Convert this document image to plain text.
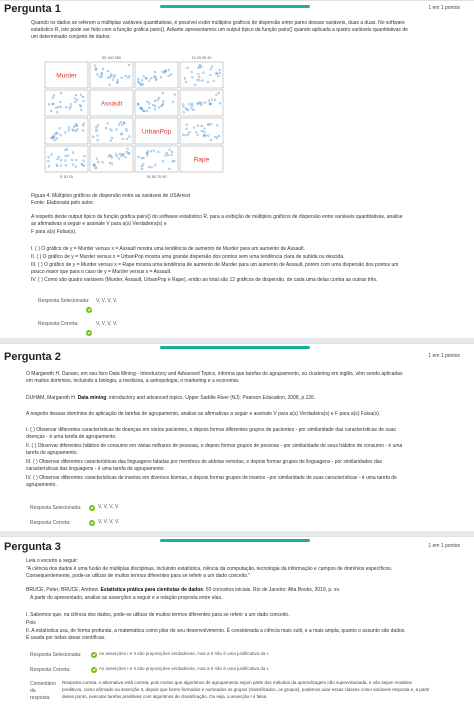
Pergunta 1	1 em 1 pontos
Quando os dados se referem a múltiplas variáveis quantitativas, é possível exibir múltiplos gráficos de dispersão entre pares dessas variáveis, duas a duas. No software
estatístico R, isto pode ser feito com a função gráfica pairs(). Adiante apresentamos um output típico da função pairs() quando aplicada a quatro variáveis quantitativas de
um determinado conjunto de dados:
Murder
Assault
UrbanPop
Rape
50 150 250	10 20 30 40
5 10 15	30 50 70 90
Figura 4: Múltiplos gráficos de dispersão entre as variáveis de USArrest
Fonte: Elaborada pelo autor.
A respeito deste output típico da função gráfica pairs() do software estatístico R, para a exibição de múltiplos gráficos de dispersão entre variáveis quantitativas, analise
as afirmativas a seguir e assinale V para a(s) Verdadeira(s) e
F para a(s) Falsa(s).
I. ( ) O gráfico de y = Murder versus x = Assault mostra uma tendência de aumento de Murder para um aumento de Assault.
II. ( ) O gráfico de y = Murder versus x = UrbanPop mostra uma grande dispersão dos pontos sem uma tendência clara de subida ou descida.
III. ( ) O gráfico de y = Murder versus x = Rape mostra uma tendência de aumento de Murder para um aumento de Assault, porém com uma dispersão dos pontos um
pouco maior que para o caso de y = Murder versus x = Assault.
IV. ( ) Como são quatro variáveis (Murder, Assault, UrbanPop e Rape), então ao total são 12 gráficos de dispersão, de cada uma delas contra as outras três.
Resposta Selecionada: V, V, V, V.
Resposta Correta:	V, V, V, V.
Pergunta 2	1 em 1 pontos
O Margareth H. Dunam, em seu livro Data Mining - Introductory and Advanced Topics, informa que tarefas de agrupamento, ou clustering em inglês, vêm sendo aplicadas
em muitos domínios, incluindo a biologia, a medicina, a antropologia, o marketing e a economia.
DUHAM, Margareth H. Data mining: introductory and advanced topics. Upper Saddle River (NJ): Pearson Education, 2008, p.126.
A respeito dessas domínios de aplicação de tarefas de agrupamento, analise as afirmativas a seguir e assinale V para a(s) Verdadeira(s) e F para a(s) Falsa(s).
I. ( ) Observar diferentes características de doenças em vários pacientes, e depois formar diferentes grupos de pacientes - por similaridade das características de suas
doenças - é uma tarefa de agrupamento.
II. ( ) Observar diferentes hábitos de consumo em várias milhares de pessoas, e depois formar grupos de pessoas - por similaridade de seus hábitos de consumo - é uma
tarefa de agrupamento.
III. ( ) Observar diferentes características das linguagens faladas por membros de aldeias remotas, e depois formar grupos de linguagens - por similaridades das
características das linguagens - é uma tarefa de agrupamento.
IV. ( ) Observar diferentes características de insetos em diversos biomas, e depois formar grupos de insetos - por similaridade de suas características - é uma tarefa de
agrupamento.
Resposta Selecionada:	V, V, V, V.
Resposta Correta:	V, V, V, V.
Pergunta 3	1 em 1 pontos
Leia o excerto a seguir:
"A ciência dos dados é uma fusão de múltiplas disciplinas, incluindo estatística, ciência da computação, tecnologia da informação e campos de domínios específicos.
Consequentemente, pode-se utilizar de muitos termos diferentes para se referir a um dado conceito."
BRUCE, Peter; BRUCE, Andrew. Estatística prática para cientistas de dados: 50 conceitos iniciais. Rio de Janeiro: Alta Books, 2019, p. xv.
A partir do apresentado, analise as asserções a seguir e a relação proposta entre elas.
I. Sabemos que, na ciência dos dados, pode-se utilizar de muitos termos diferentes para se referir a um dado conceito.
Pois
II. A estatística usa, de forma profunda, a matemática como pilar do seu desenvolvimento. É considerada a ciência mais sutil, e a mais ampla, quanto o assunto são dados.
É usada por todas áreas científicas.
Resposta Selecionada:	As asserções I e II são proposições verdadeiras, mas a II não é uma justificativa da I.
Resposta Correta:	As asserções I e II são proposições verdadeiras, mas a II não é uma justificativa da I.
Comentário
da
resposta:
Resposta correta. A alternativa está correta, pois muitos que algoritmos de agrupamento sejam parte dos métodos da aprendizagem não supervisionada, e não sejam modelos
preditivos, como afirmado na asserção II, depois que forem formados e nomeados os grupos (classificados, os grupos), podemos usar essas classes como variáveis resposta e, a partir
desse ponto, executar tarefas preditivas com algoritmos de classificação. Ou seja, a asserção I é falsa.
